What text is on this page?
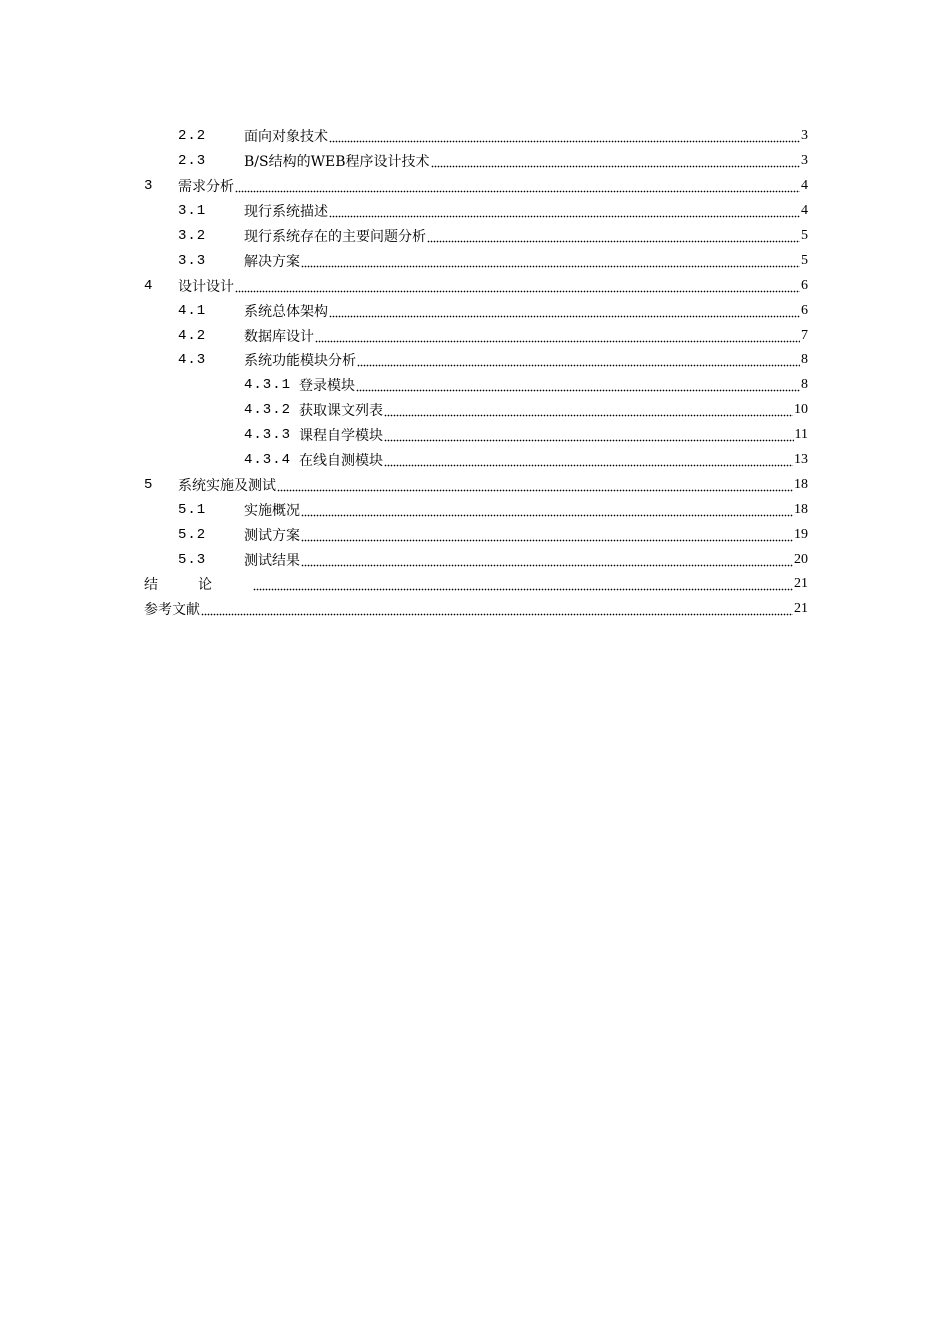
2.2	面向对象技术	3
2.3	B/S结构的WEB程序设计技术	3
3	需求分析	4
3.1	现行系统描述	4
3.2	现行系统存在的主要问题分析	5
3.3	解决方案	5
4	设计设计	6
4.1	系统总体架构	6
4.2	数据库设计	7
4.3	系统功能模块分析	8
4.3.1 登录模块	8
4.3.2 获取课文列表	10
4.3.3 课程自学模块	11
4.3.4 在线自测模块	13
5	系统实施及测试	18
5.1	实施概况	18
5.2	测试方案	19
5.3	测试结果	20
结论	21
参考文献	21
